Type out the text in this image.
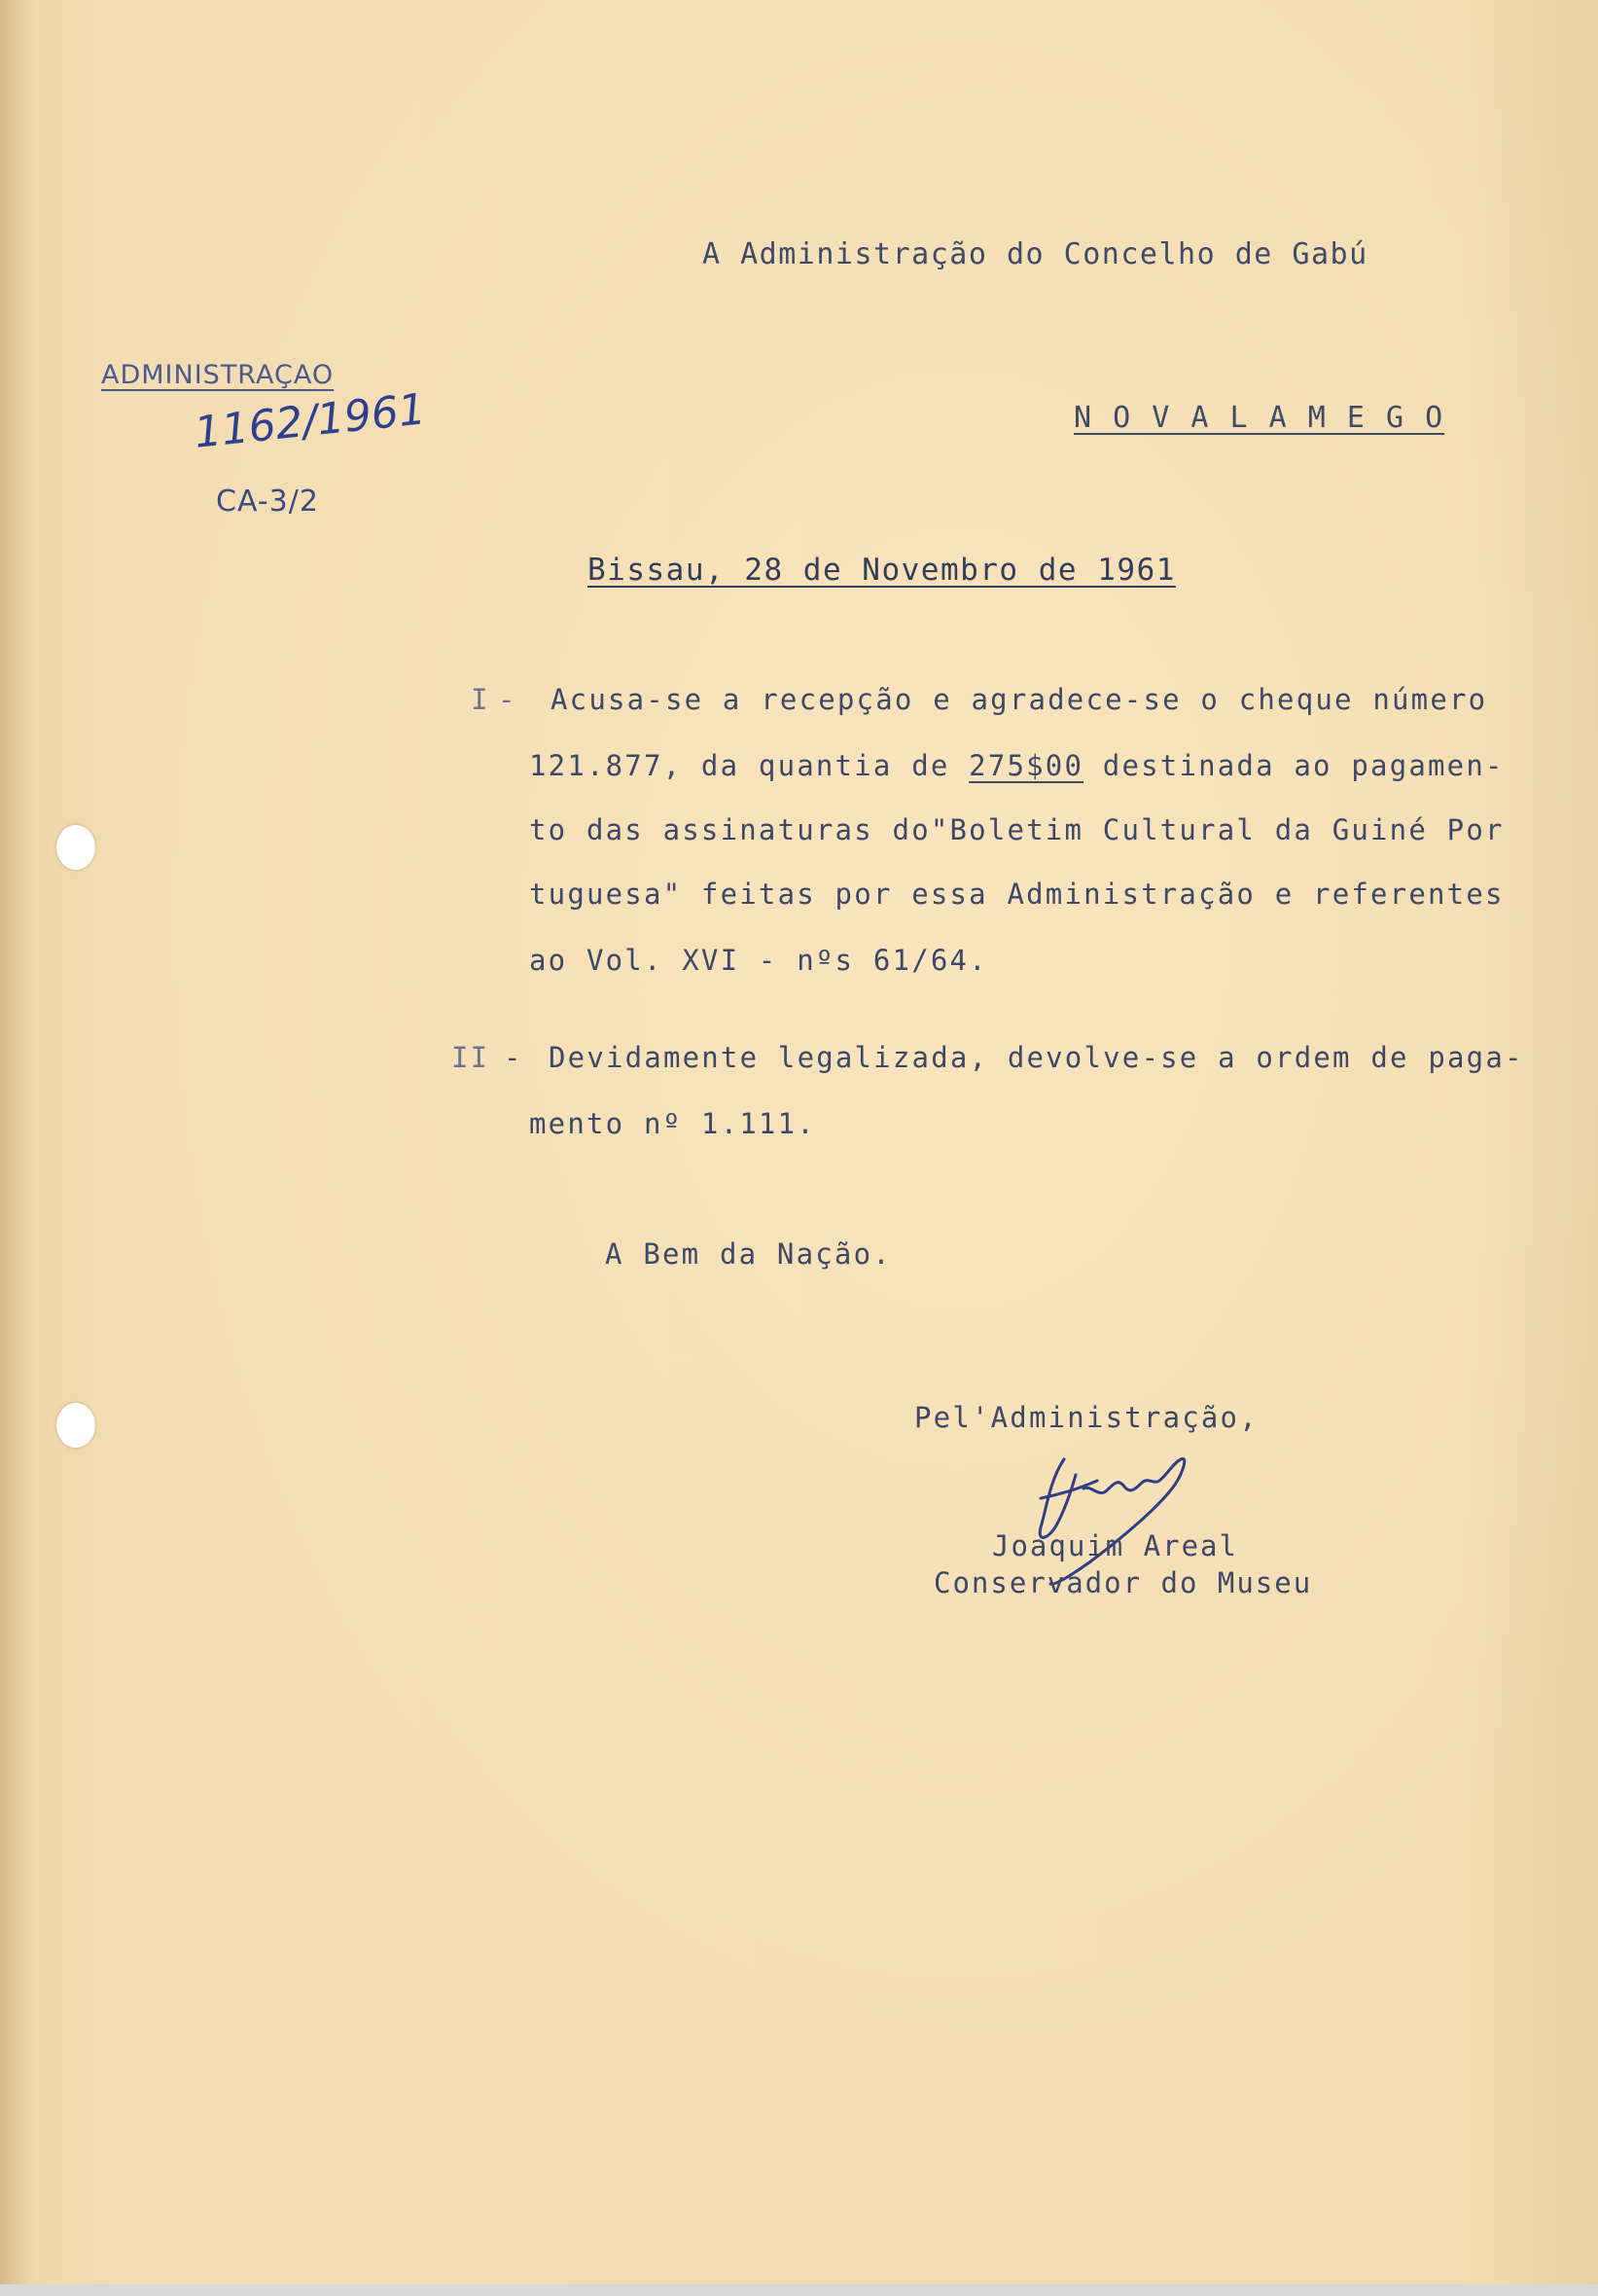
A Administração do Concelho de Gabú
N O V A L A M E G O
ADMINISTRAÇAO
1162/1961
CA-3/2
Bissau, 28 de Novembro de 1961
I - Acusa-se a recepção e agradece-se o cheque número
121.877, da quantia de 275$00 destinada ao pagamen-
to das assinaturas do"Boletim Cultural da Guiné Por
tuguesa" feitas por essa Administração e referentes
ao Vol. XVI - nºs 61/64.
II - Devidamente legalizada, devolve-se a ordem de paga-
mento nº 1.111.
A Bem da Nação.
Pel'Administração,
Joaquim Areal
Conservador do Museu
